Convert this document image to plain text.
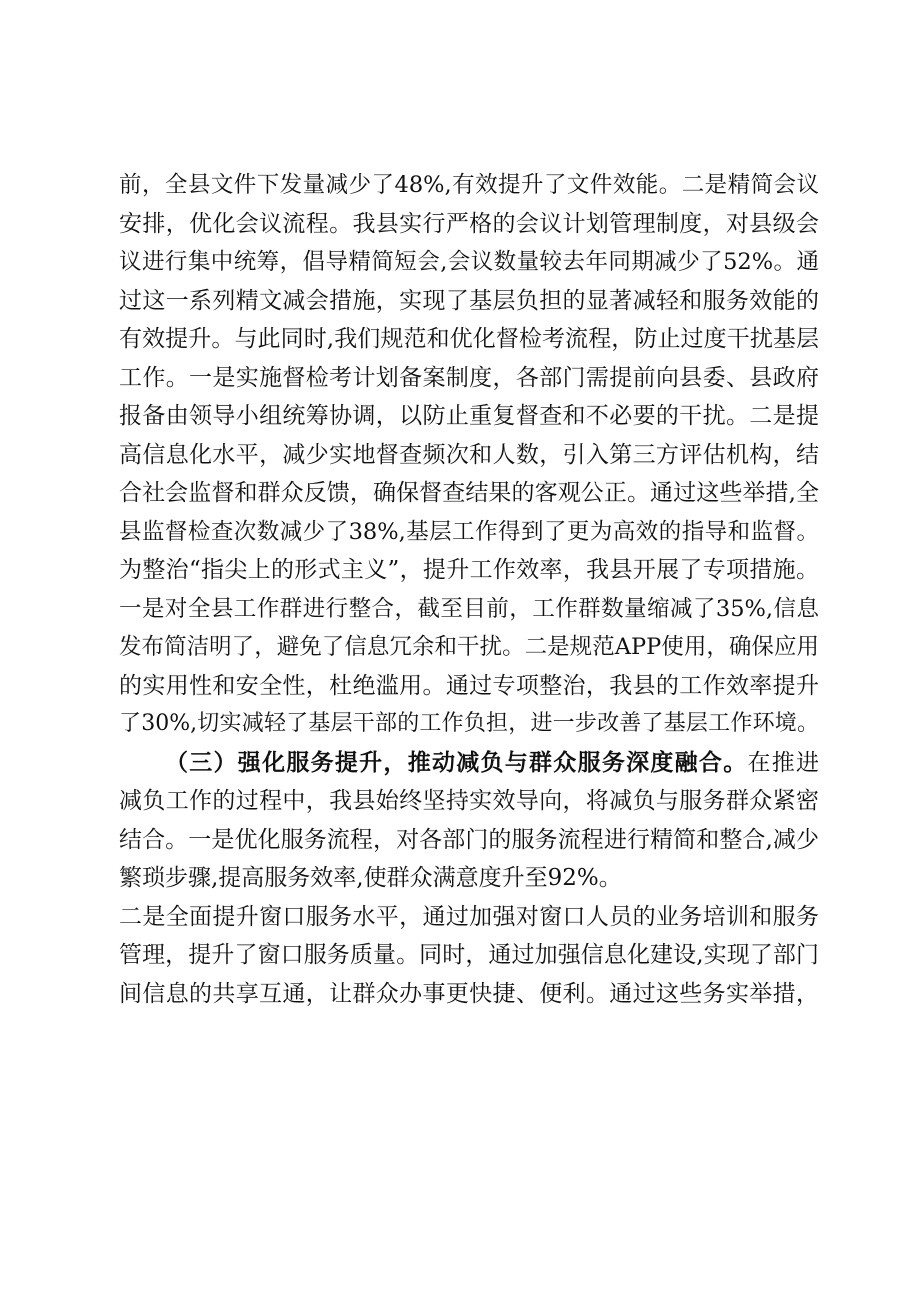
前，全县文件下发量减少了48%,有效提升了文件效能。二是精简会议
安排，优化会议流程。我县实行严格的会议计划管理制度，对县级会
议进行集中统筹，倡导精简短会,会议数量较去年同期减少了52%。通
过这一系列精文减会措施，实现了基层负担的显著减轻和服务效能的
有效提升。与此同时,我们规范和优化督检考流程，防止过度干扰基层
工作。一是实施督检考计划备案制度，各部门需提前向县委、县政府
报备由领导小组统筹协调，以防止重复督查和不必要的干扰。二是提
高信息化水平，减少实地督查频次和人数，引入第三方评估机构，结
合社会监督和群众反馈，确保督查结果的客观公正。通过这些举措,全
县监督检查次数减少了38%,基层工作得到了更为高效的指导和监督。
为整治“指尖上的形式主义”，提升工作效率，我县开展了专项措施。
一是对全县工作群进行整合，截至目前，工作群数量缩减了35%,信息
发布简洁明了，避免了信息冗余和干扰。二是规范APP使用，确保应用
的实用性和安全性，杜绝滥用。通过专项整治，我县的工作效率提升
了30%,切实减轻了基层干部的工作负担，进一步改善了基层工作环境。
（三）强化服务提升，推动减负与群众服务深度融合。在推进
减负工作的过程中，我县始终坚持实效导向，将减负与服务群众紧密
结合。一是优化服务流程，对各部门的服务流程进行精简和整合,减少
繁琐步骤,提高服务效率,使群众满意度升至92%。
二是全面提升窗口服务水平，通过加强对窗口人员的业务培训和服务
管理，提升了窗口服务质量。同时，通过加强信息化建设,实现了部门
间信息的共享互通，让群众办事更快捷、便利。通过这些务实举措，
